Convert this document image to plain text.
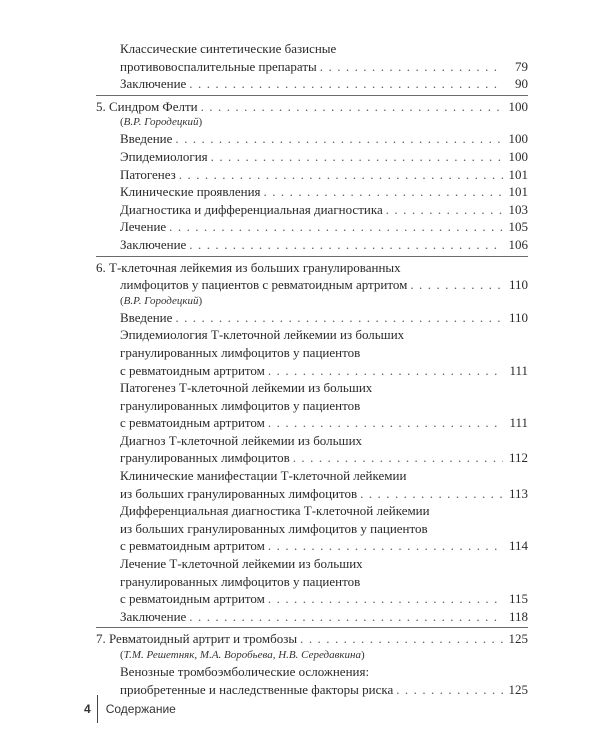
Классические синтетические базисные
противовоспалительные препараты . . .	79
Заключение . . .	90
5. Синдром Фелти . . .	100
(В.Р. Городецкий)
Введение . . .	100
Эпидемиология . . .	100
Патогенез . . .	101
Клинические проявления . . .	101
Диагностика и дифференциальная диагностика . . .	103
Лечение . . .	105
Заключение . . .	106
6. Т-клеточная лейкемия из больших гранулированных
лимфоцитов у пациентов с ревматоидным артритом . . .	110
(В.Р. Городецкий)
Введение . . .	110
Эпидемиология Т-клеточной лейкемии из больших
гранулированных лимфоцитов у пациентов
с ревматоидным артритом . . .	111
Патогенез Т-клеточной лейкемии из больших
гранулированных лимфоцитов у пациентов
с ревматоидным артритом . . .	111
Диагноз Т-клеточной лейкемии из больших
гранулированных лимфоцитов . . .	112
Клинические манифестации Т-клеточной лейкемии
из больших гранулированных лимфоцитов . . .	113
Дифференциальная диагностика Т-клеточной лейкемии
из больших гранулированных лимфоцитов у пациентов
с ревматоидным артритом . . .	114
Лечение Т-клеточной лейкемии из больших
гранулированных лимфоцитов у пациентов
с ревматоидным артритом . . .	115
Заключение . . .	118
7. Ревматоидный артрит и тромбозы . . .	125
(Т.М. Решетняк, М.А. Воробьева, Н.В. Середавкина)
Венозные тромбоэмболические осложнения:
приобретенные и наследственные факторы риска . . .	125
4 Содержание
